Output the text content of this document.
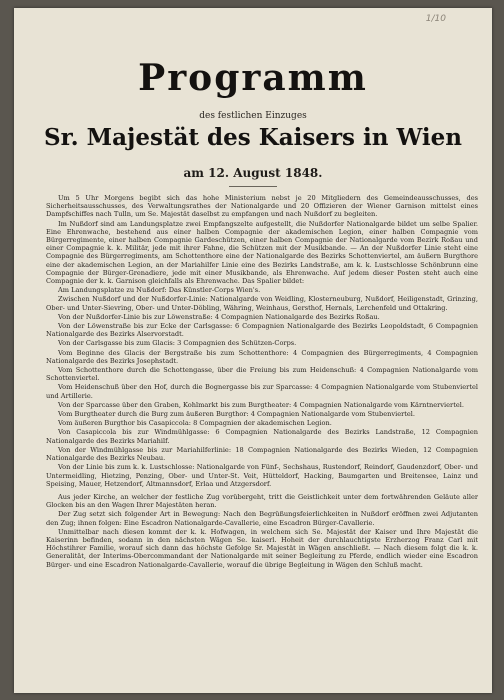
1/10
Programm
des festlichen Einzuges
Sr. Majestät des Kaisers in Wien
am 12. August 1848.

Um 5 Uhr Morgens begibt sich das hohe Ministerium nebst je 20 Mitgliedern des Gemeindeausschusses, des Sicherheitsausschusses, des Verwaltungsrathes der Nationalgarde und 20 Offizieren der Wiener Garnison mittelst eines Dampfschiffes nach Tulln, um Se. Majestät daselbst zu empfangen und nach Nußdorf zu begleiten.

Im Nußdorf sind am Landungsplatze zwei Empfangszelte aufgestellt, die Nußdorfer Nationalgarde bildet um selbe Spalier. Eine Ehrenwache, bestehend aus einer halben Compagnie der akademischen Legion, einer halben Compagnie vom Bürgerregimente, einer halben Compagnie Gardeschützen, einer halben Compagnie der Nationalgarde vom Bezirk Roßau und einer Compagnie k. k. Militär, jede mit ihrer Fahne, die Schützen mit der Musikbande. — An der Nußdorfer Linie steht eine Compagnie des Bürgerregiments, am Schottenthore eine der Nationalgarde des Bezirks Schottenviertel, am äußern Burgthore eine der akademischen Legion, an der Mariahilfer Linie eine des Bezirks Landstraße, am k. k. Lustschlosse Schönbrunn eine Compagnie der Bürger-Grenadiere, jede mit einer Musikbande, als Ehrenwache. Auf jedem dieser Posten steht auch eine Compagnie der k. k. Garnison gleichfalls als Ehrenwache. Das Spalier bildet:

Am Landungsplatze zu Nußdorf: Das Künstler-Corps Wien's.

Zwischen Nußdorf und der Nußdorfer-Linie: Nationalgarde von Weidling, Klosterneuburg, Nußdorf, Heiligenstadt, Grinzing, Ober- und Unter-Sievring, Ober- und Unter-Döbling, Währing, Weinhaus, Gersthof, Hernals, Lerchenfeld und Ottakring.

Von der Nußdorfer-Linie bis zur Löwenstraße: 4 Compagnien Nationalgarde des Bezirks Roßau.

Von der Löwenstraße bis zur Ecke der Carlsgasse: 6 Compagnien Nationalgarde des Bezirks Leopoldstadt, 6 Compagnien Nationalgarde des Bezirks Alservorstadt.

Von der Carlsgasse bis zum Glacis: 3 Compagnien des Schützen-Corps.

Vom Beginne des Glacis der Bergstraße bis zum Schottenthore: 4 Compagnien des Bürgerregiments, 4 Compagnien Nationalgarde des Bezirks Josephstadt.

Vom Schottenthore durch die Schottengasse, über die Freiung bis zum Heidenschuß: 4 Compagnien Nationalgarde vom Schottenviertel.

Vom Heidenschuß über den Hof, durch die Bognergasse bis zur Sparcasse: 4 Compagnien Nationalgarde vom Stubenviertel und Artillerie.

Von der Sparcasse über den Graben, Kohlmarkt bis zum Burgtheater: 4 Compagnien Nationalgarde vom Kärntnerviertel.

Vom Burgtheater durch die Burg zum äußeren Burgthor: 4 Compagnien Nationalgarde vom Stubenviertel.

Vom äußeren Burgthor bis Casapiccola: 8 Compagnien der akademischen Legion.

Von Casapiccola bis zur Windmühlgasse: 6 Compagnien Nationalgarde des Bezirks Landstraße, 12 Compagnien Nationalgarde des Bezirks Mariahilf.

Von der Windmühlgasse bis zur Mariahilferlinie: 18 Compagnien Nationalgarde des Bezirks Wieden, 12 Compagnien Nationalgarde des Bezirks Neubau.

Von der Linie bis zum k. k. Lustschlosse: Nationalgarde von Fünf-, Sechshaus, Rustendorf, Reindorf, Gaudenzdorf, Ober- und Untermeidling, Hietzing, Penzing, Ober- und Unter-St. Veit, Hütteldorf, Hacking, Baumgarten und Breitensee, Lainz und Speising, Mauer, Hetzendorf, Altmannsdorf, Erlaa und Atzgersdorf.

Aus jeder Kirche, an welcher der festliche Zug vorübergeht, tritt die Geistlichkeit unter dem fortwährenden Geläute aller Glocken bis an den Wagen Ihrer Majestäten heran.

Der Zug setzt sich folgender Art in Bewegung: Nach den Begrüßungsfeierlichkeiten in Nußdorf eröffnen zwei Adjutanten den Zug; ihnen folgen: Eine Escadron Nationalgarde-Cavallerie, eine Escadron Bürger-Cavallerie.

Unmittelbar nach diesen kommt der k. k. Hofwagen, in welchem sich Se. Majestät der Kaiser und Ihre Majestät die Kaiserinn befinden, sodann in den nächsten Wägen Se. kaiserl. Hoheit der durchlauchtigste Erzherzog Franz Carl mit Höchstihrer Familie, worauf sich dann das höchste Gefolge Sr. Majestät in Wägen anschließt. — Nach diesem folgt die k. k. Generalität, der Interims-Obercommandant der Nationalgarde mit seiner Begleitung zu Pferde, endlich wieder eine Escadron Bürger- und eine Escadron Nationalgarde-Cavallerie, worauf die übrige Begleitung in Wägen den Schluß macht.
